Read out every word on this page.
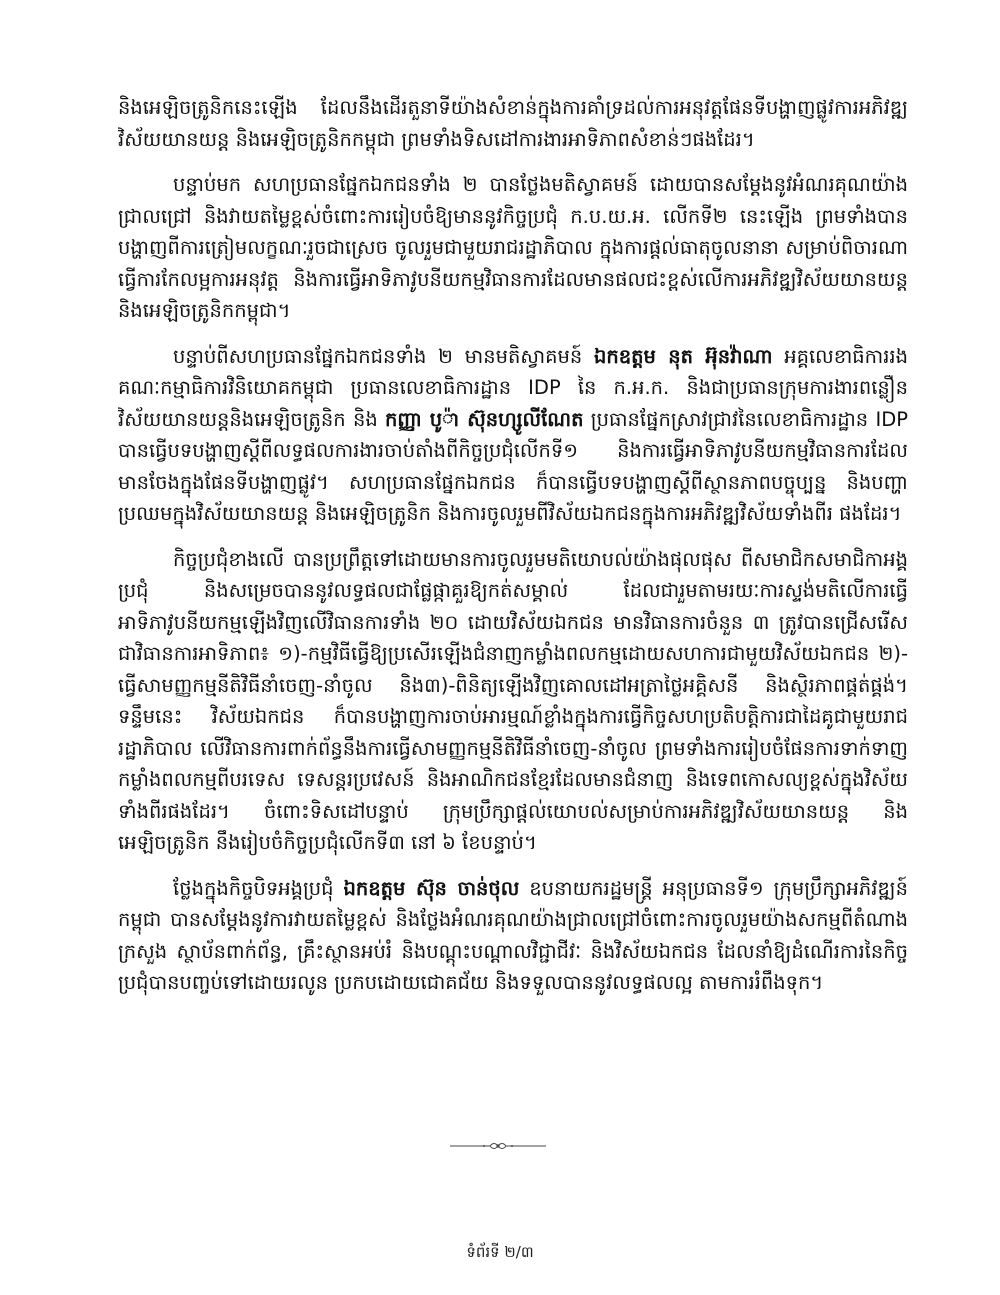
និងអេឡិចត្រូនិកនេះឡើង ដែលនឹងដើរតួនាទីយ៉ាងសំខាន់ក្នុងការគាំទ្រដល់ការអនុវត្តផែនទីបង្ហាញផ្លូវការអភិវឌ្ឍវិស័យយានយន្ត និងអេឡិចត្រូនិកកម្ពុជា ព្រមទាំងទិសដៅការងារអាទិភាពសំខាន់ៗផងដែរ។

បន្ទាប់មក សហប្រធានផ្នែកឯកជនទាំង ២ បានថ្លែងមតិស្វាគមន៍ ដោយបានសម្តែងនូវអំណរគុណយ៉ាងជ្រាលជ្រៅ និងវាយតម្លៃខ្ពស់ចំពោះការរៀបចំឱ្យមាននូវកិច្ចប្រជុំ ក.ប.យ.អ. លើកទី២ នេះឡើង ព្រមទាំងបានបង្ហាញពីការត្រៀមលក្ខណៈរួចជាស្រេច ចូលរួមជាមួយរាជរដ្ឋាភិបាល ក្នុងការផ្តល់ធាតុចូលនានា សម្រាប់ពិចារណាធ្វើការកែលម្អការអនុវត្ត និងការធ្វើអាទិភាវូបនីយកម្មវិធានការដែលមានផលជះខ្ពស់លើការអភិវឌ្ឍវិស័យយានយន្ត និងអេឡិចត្រូនិកកម្ពុជា។

បន្ទាប់ពីសហប្រធានផ្នែកឯកជនទាំង ២ មានមតិស្វាគមន៍ ឯកឧត្តម នុត អ៊ុនវ៉ាណា អគ្គលេខាធិការរងគណៈកម្មាធិការវិនិយោគកម្ពុជា ប្រធានលេខាធិការដ្ឋាន IDP នៃ ក.អ.ក. និងជាប្រធានក្រុមការងារពន្លឿនវិស័យយានយន្តនិងអេឡិចត្រូនិក និង កញ្ញា បូ៉ា ស៊ុនហ្សូលីណែត ប្រធានផ្នែកស្រាវជ្រាវនៃលេខាធិការដ្ឋាន IDP បានធ្វើបទបង្ហាញស្តីពីលទ្ធផលការងារចាប់តាំងពីកិច្ចប្រជុំលើកទី១ និងការធ្វើអាទិភាវូបនីយកម្មវិធានការដែលមានចែងក្នុងផែនទីបង្ហាញផ្លូវ។ សហប្រធានផ្នែកឯកជន ក៏បានធ្វើបទបង្ហាញស្តីពីស្ថានភាពបច្ចុប្បន្ន និងបញ្ហាប្រឈមក្នុងវិស័យយានយន្ត និងអេឡិចត្រូនិក និងការចូលរួមពីវិស័យឯកជនក្នុងការអភិវឌ្ឍវិស័យទាំងពីរ ផងដែរ។

កិច្ចប្រជុំខាងលើ បានប្រព្រឹត្តទៅដោយមានការចូលរួមមតិយោបល់យ៉ាងផុលផុស ពីសមាជិកសមាជិកាអង្គប្រជុំ និងសម្រេចបាននូវលទ្ធផលជាផ្លែផ្កាគួរឱ្យកត់សម្គាល់ ដែលជារួមតាមរយៈការស្ទង់មតិលើការធ្វើអាទិភាវូបនីយកម្មឡើងវិញលើវិធានការទាំង ២០ ដោយវិស័យឯកជន មានវិធានការចំនួន ៣ ត្រូវបានជ្រើសរើសជាវិធានការអាទិភាព៖ ១)-កម្មវិធីធ្វើឱ្យប្រសើរឡើងជំនាញកម្លាំងពលកម្មដោយសហការជាមួយវិស័យឯកជន ២)-ធ្វើសាមញ្ញកម្មនីតិវិធីនាំចេញ-នាំចូល និង៣)-ពិនិត្យឡើងវិញគោលដៅអត្រាថ្លៃអគ្គិសនី និងស្ថិរភាពផ្គត់ផ្គង់។ ទន្ទឹមនេះ វិស័យឯកជន ក៏បានបង្ហាញការចាប់អារម្មណ៍ខ្លាំងក្នុងការធ្វើកិច្ចសហប្រតិបត្តិការជាដៃគូជាមួយរាជរដ្ឋាភិបាល លើវិធានការពាក់ព័ន្ធនឹងការធ្វើសាមញ្ញកម្មនីតិវិធីនាំចេញ-នាំចូល ព្រមទាំងការរៀបចំផែនការទាក់ទាញកម្លាំងពលកម្មពីបរទេស ទេសន្តរប្រវេសន៍ និងអាណិកជនខ្មែរដែលមានជំនាញ និងទេពកោសល្យខ្ពស់ក្នុងវិស័យទាំងពីរផងដែរ។ ចំពោះទិសដៅបន្ទាប់ ក្រុមប្រឹក្សាផ្តល់យោបល់សម្រាប់ការអភិវឌ្ឍវិស័យយានយន្ត និងអេឡិចត្រូនិក នឹងរៀបចំកិច្ចប្រជុំលើកទី៣ នៅ ៦ ខែបន្ទាប់។

ថ្លែងក្នុងកិច្ចបិទអង្គប្រជុំ ឯកឧត្តម ស៊ុន ចាន់ថុល ឧបនាយករដ្ឋមន្ត្រី អនុប្រធានទី១ ក្រុមប្រឹក្សាអភិវឌ្ឍន៍កម្ពុជា បានសម្តែងនូវការវាយតម្លៃខ្ពស់ និងថ្លែងអំណរគុណយ៉ាងជ្រាលជ្រៅចំពោះការចូលរួមយ៉ាងសកម្មពីតំណាងក្រសួង ស្ថាប័នពាក់ព័ន្ធ, គ្រឹះស្ថានអប់រំ និងបណ្តុះបណ្តាលវិជ្ជាជីវៈ និងវិស័យឯកជន ដែលនាំឱ្យដំណើរការនៃកិច្ចប្រជុំបានបញ្ចប់ទៅដោយរលូន ប្រកបដោយជោគជ័យ និងទទួលបាននូវលទ្ធផលល្អ តាមការរំពឹងទុក។

ទំព័រទី ២/៣
